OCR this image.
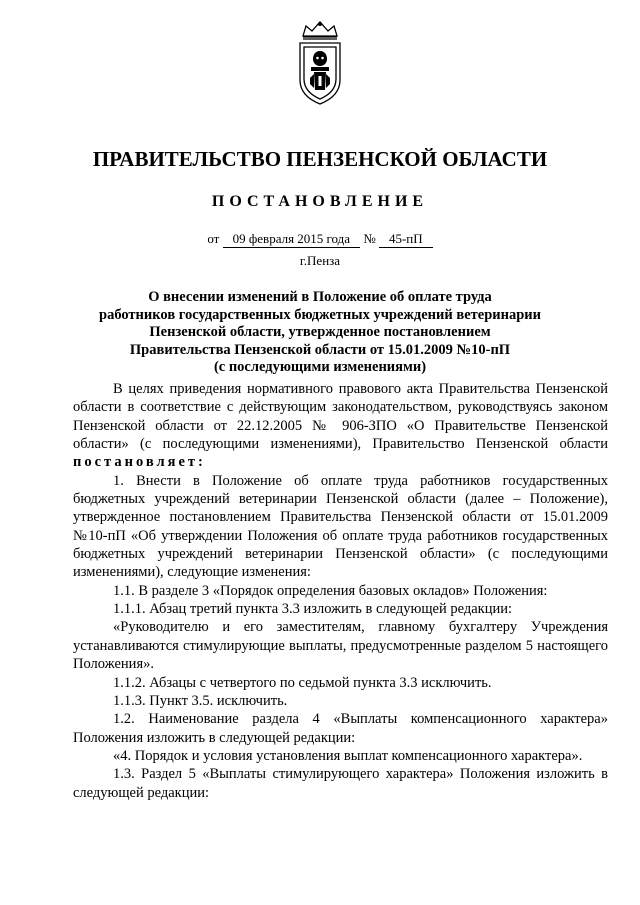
ПРАВИТЕЛЬСТВО ПЕНЗЕНСКОЙ ОБЛАСТИ
ПОСТАНОВЛЕНИЕ
от 09 февраля 2015 года № 45-пП
г.Пенза
О внесении изменений в Положение об оплате труда
работников государственных бюджетных учреждений ветеринарии
Пензенской области, утвержденное постановлением
Правительства Пензенской области от 15.01.2009 №10-пП
(с последующими изменениями)

В целях приведения нормативного правового акта Правительства Пензенской области в соответствие с действующим законодательством, руководствуясь законом Пензенской области от 22.12.2005 № 906-ЗПО «О Правительстве Пензенской области» (с последующими изменениями), Правительство Пензенской области постановляет:

1. Внести в Положение об оплате труда работников государственных бюджетных учреждений ветеринарии Пензенской области (далее – Положение), утвержденное постановлением Правительства Пензенской области от 15.01.2009 №10-пП «Об утверждении Положения об оплате труда работников государственных бюджетных учреждений ветеринарии Пензенской области» (с последующими изменениями), следующие изменения:

1.1. В разделе 3 «Порядок определения базовых окладов» Положения:

1.1.1. Абзац третий пункта 3.3 изложить в следующей редакции:

«Руководителю и его заместителям, главному бухгалтеру Учреждения устанавливаются стимулирующие выплаты, предусмотренные разделом 5 настоящего Положения».

1.1.2. Абзацы с четвертого по седьмой пункта 3.3 исключить.

1.1.3. Пункт 3.5. исключить.

1.2. Наименование раздела 4 «Выплаты компенсационного характера» Положения изложить в следующей редакции:

«4. Порядок и условия установления выплат компенсационного характера».

1.3. Раздел 5 «Выплаты стимулирующего характера» Положения изложить в следующей редакции:
